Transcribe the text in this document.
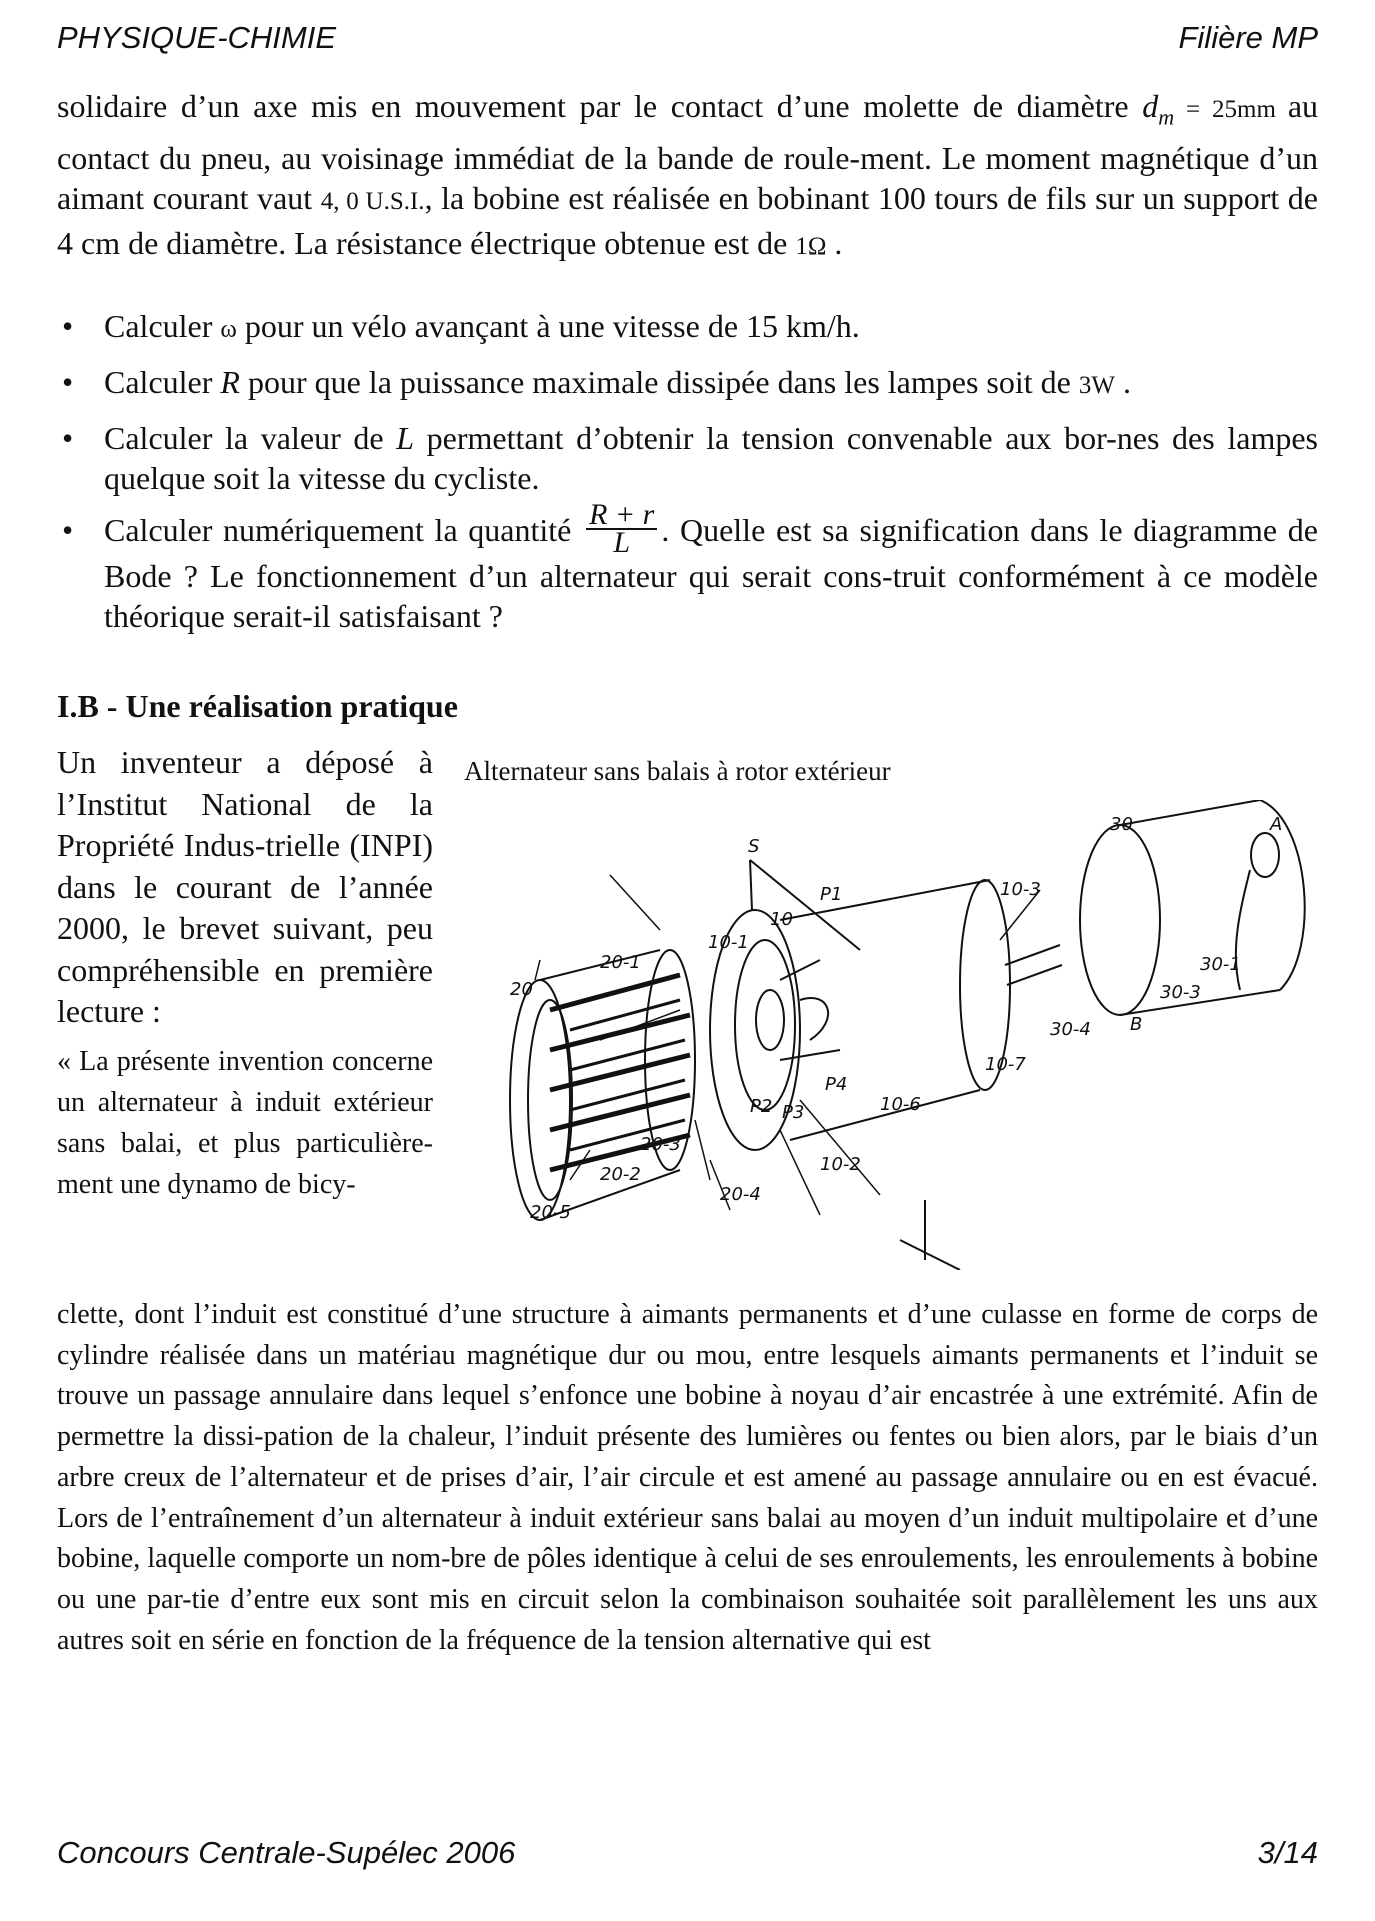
PHYSIQUE-CHIMIE	Filière MP

solidaire d’un axe mis en mouvement par le contact d’une molette de diamètre $d_m = 25mm$ au contact du pneu, au voisinage immédiat de la bande de roule-ment. Le moment magnétique d’un aimant courant vaut 4, 0 U.S.I., la bobine est réalisée en bobinant 100 tours de fils sur un support de 4 cm de diamètre. La résistance électrique obtenue est de 1Ω .

• Calculer ω pour un vélo avançant à une vitesse de 15 km/h.
• Calculer R pour que la puissance maximale dissipée dans les lampes soit de 3W .
• Calculer la valeur de L permettant d’obtenir la tension convenable aux bor-nes des lampes quelque soit la vitesse du cycliste.
• Calculer numériquement la quantité $\frac{R + r}{L}$ . Quelle est sa signification dans le diagramme de Bode ? Le fonctionnement d’un alternateur qui serait cons-truit conformément à ce modèle théorique serait-il satisfaisant ?
I.B - Une réalisation pratique

Un inventeur a déposé à l’Institut National de la Propriété Indus-trielle (INPI) dans le courant de l’année 2000, le brevet suivant, peu compréhensible en première lecture :

« La présente invention concerne un alternateur à induit extérieur sans balai, et plus particulière-ment une dynamo de bicy-

Alternateur sans balais à rotor extérieur
S
30	A
P1
10
10-3
10-1
20-1
20
30-1
30-3
30-4 B
10-7
P4
P2 P3	10-6
20-3
20-2	10-2
20-4
20-5

clette, dont l’induit est constitué d’une structure à aimants permanents et d’une culasse en forme de corps de cylindre réalisée dans un matériau magnétique dur ou mou, entre lesquels aimants permanents et l’induit se trouve un passage annulaire dans lequel s’enfonce une bobine à noyau d’air encastrée à une extrémité. Afin de permettre la dissi-pation de la chaleur, l’induit présente des lumières ou fentes ou bien alors, par le biais d’un arbre creux de l’alternateur et de prises d’air, l’air circule et est amené au passage annulaire ou en est évacué. Lors de l’entraînement d’un alternateur à induit extérieur sans balai au moyen d’un induit multipolaire et d’une bobine, laquelle comporte un nom-bre de pôles identique à celui de ses enroulements, les enroulements à bobine ou une par-tie d’entre eux sont mis en circuit selon la combinaison souhaitée soit parallèlement les uns aux autres soit en série en fonction de la fréquence de la tension alternative qui est

Concours Centrale-Supélec 2006	3/14
